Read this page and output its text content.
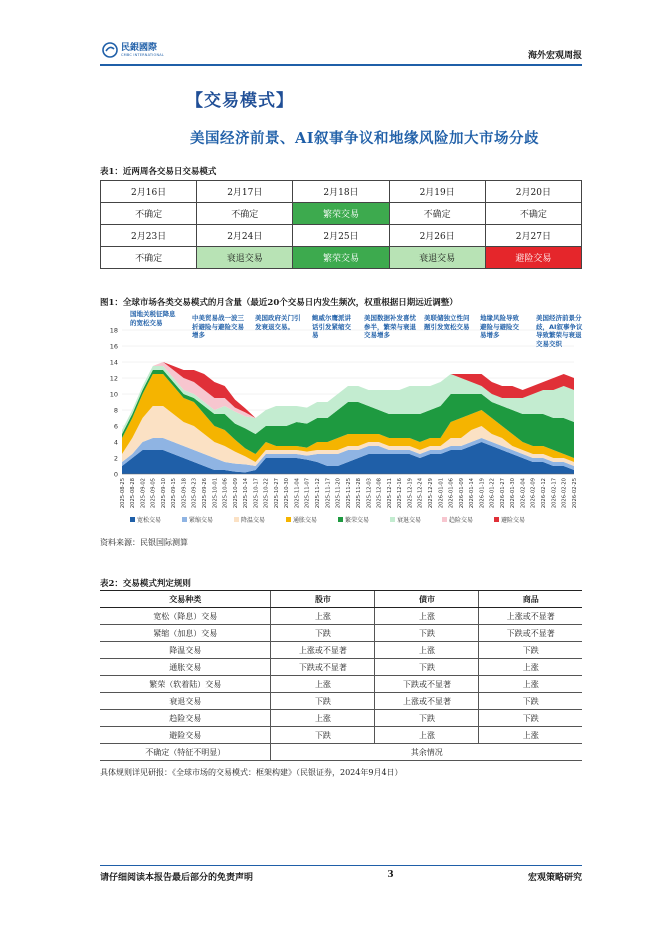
民銀國際
CMBC INTERNATIONAL	海外宏观周报
【交易模式】
美国经济前景、AI叙事争议和地缘风险加大市场分歧
表1：近两周各交易日交易模式
2月16日	2月17日	2月18日	2月19日	2月20日
不确定	不确定	繁荣交易	不确定	不确定
2月23日	2月24日	2月25日	2月26日	2月27日
不确定	衰退交易	繁荣交易	衰退交易	避险交易
图1：全球市场各类交易模式的月含量（最近20个交易日内发生频次，权重根据日期远近调整）
0
2
4
6
8
10
12
14
16
18
2025-08-25 2025-08-28 2025-09-02 2025-09-05 2025-09-10 2025-09-15 2025-09-18 2025-09-23 2025-09-26 2025-10-01 2025-10-06 2025-10-09 2025-10-14 2025-10-17 2025-10-22 2025-10-27 2025-10-30 2025-11-04 2025-11-07 2025-11-12 2025-11-17 2025-11-20 2025-11-25 2025-11-28 2025-12-03 2025-12-08 2025-12-11 2025-12-16 2025-12-19 2025-12-24 2025-12-29 2026-01-01 2026-01-06 2026-01-09 2026-01-14 2026-01-19 2026-01-22 2026-01-27 2026-01-30 2026-02-04 2026-02-09 2026-02-12 2026-02-17 2026-02-20 2026-02-25
宽松交易	紧缩交易	降温交易	通胀交易	繁荣交易	衰退交易	趋险交易	避险交易
国地关税征降息的宽松交易
中美贸易战一波三折避险与避险交易增多
美国政府关门引发衰退交易。
鲍威尔鹰派讲话引发紧缩交易
美国数据补发喜忧参半，繁荣与衰退交易增多
美联储独立性问题引发宽松交易
地缘风险导致避险与避险交易增多
美国经济前景分歧，AI叙事争议导致繁荣与衰退交易交织
资料来源：民银国际测算
表2：交易模式判定规则
交易种类	股市	债市	商品
宽松（降息）交易	上涨	上涨	上涨或不显著
紧缩（加息）交易	下跌	下跌	下跌或不显著
降温交易	上涨或不显著	上涨	下跌
通胀交易	下跌或不显著	下跌	上涨
繁荣（软着陆）交易	上涨	下跌或不显著	上涨
衰退交易	下跌	上涨或不显著	下跌
趋险交易	上涨	下跌	下跌
避险交易	下跌	上涨	上涨
不确定（特征不明显）	其余情况		
具体规则详见研报：《全球市场的交易模式：框架构建》（民银证券，2024年9月4日）
请仔细阅读本报告最后部分的免责声明	3	宏观策略研究
